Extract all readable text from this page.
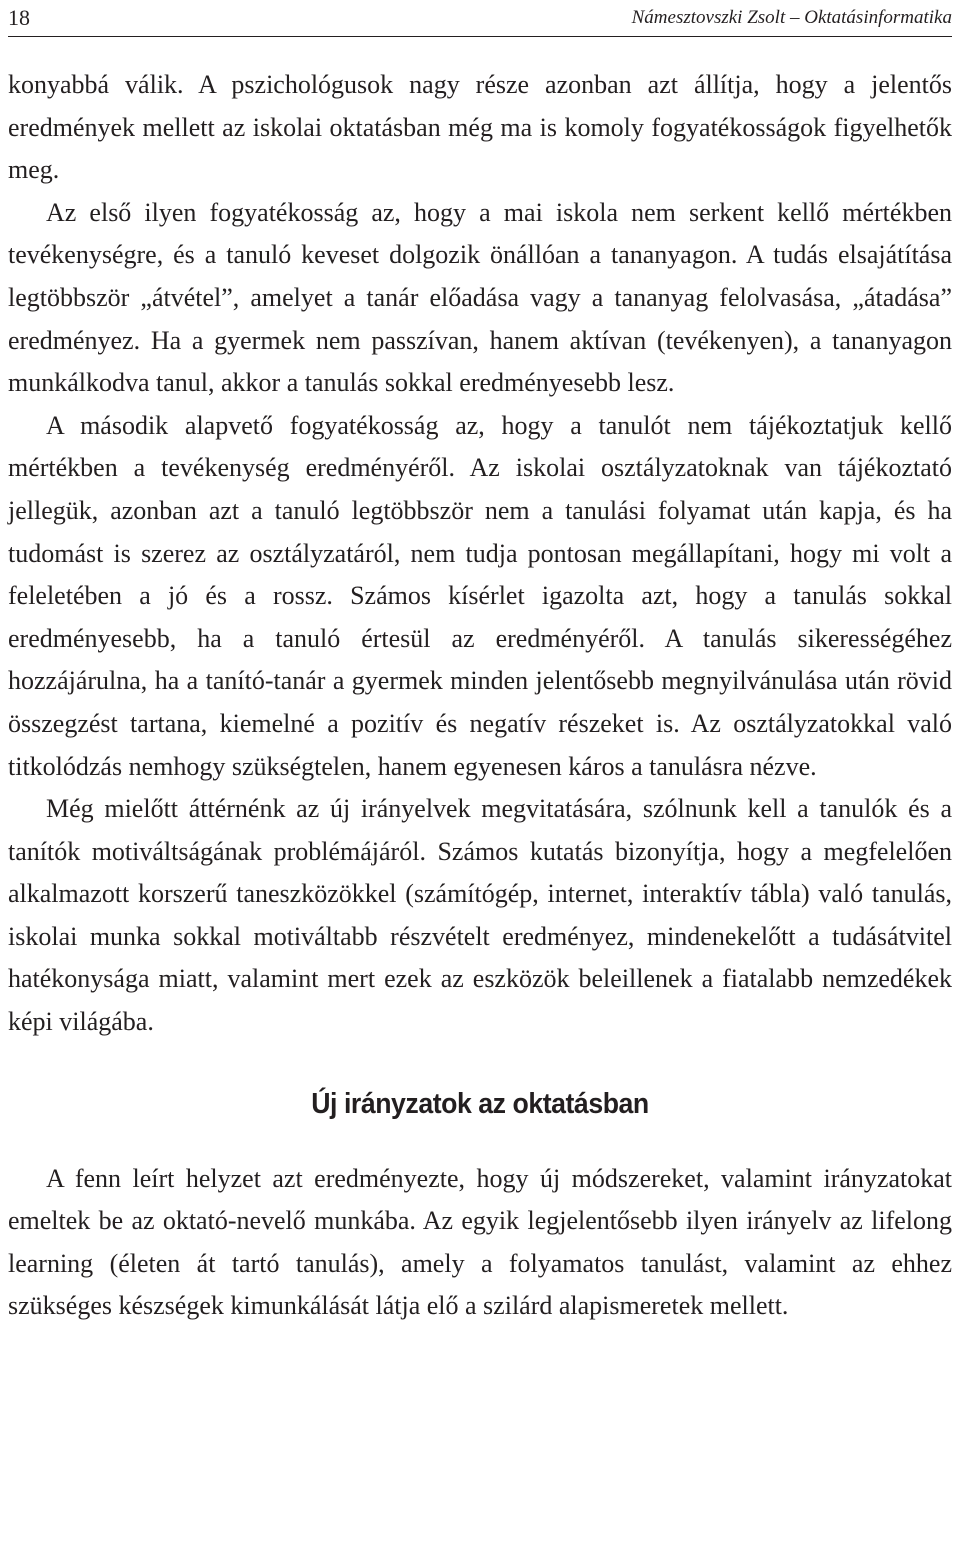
18	Námesztovszki Zsolt – Oktatásinformatika

konyabbá válik. A pszichológusok nagy része azonban azt állítja, hogy a jelentős eredmények mellett az iskolai oktatásban még ma is komoly fogyatékosságok figyelhetők meg.

Az első ilyen fogyatékosság az, hogy a mai iskola nem serkent kellő mértékben tevékenységre, és a tanuló keveset dolgozik önállóan a tananyagon. A tudás elsajátítása legtöbbször „átvétel”, amelyet a tanár előadása vagy a tananyag felolvasása, „átadása” eredményez. Ha a gyermek nem passzívan, hanem aktívan (tevékenyen), a tananyagon munkálkodva tanul, akkor a tanulás sokkal eredményesebb lesz.

A második alapvető fogyatékosság az, hogy a tanulót nem tájékoztatjuk kellő mértékben a tevékenység eredményéről. Az iskolai osztályzatoknak van tájékoztató jellegük, azonban azt a tanuló legtöbbször nem a tanulási folyamat után kapja, és ha tudomást is szerez az osztályzatáról, nem tudja pontosan megállapítani, hogy mi volt a feleletében a jó és a rossz. Számos kísérlet igazolta azt, hogy a tanulás sokkal eredményesebb, ha a tanuló értesül az eredményéről. A tanulás sikerességéhez hozzájárulna, ha a tanító-tanár a gyermek minden jelentősebb megnyilvánulása után rövid összegzést tartana, kiemelné a pozitív és negatív részeket is. Az osztályzatokkal való titkolódzás nemhogy szükségtelen, hanem egyenesen káros a tanulásra nézve.

Még mielőtt áttérnénk az új irányelvek megvitatására, szólnunk kell a tanulók és a tanítók motiváltságának problémájáról. Számos kutatás bizonyítja, hogy a megfelelően alkalmazott korszerű taneszközökkel (számítógép, internet, interaktív tábla) való tanulás, iskolai munka sokkal motiváltabb részvételt eredményez, mindenekelőtt a tudásátvitel hatékonysága miatt, valamint mert ezek az eszközök beleillenek a fiatalabb nemzedékek képi világába.

Új irányzatok az oktatásban

A fenn leírt helyzet azt eredményezte, hogy új módszereket, valamint irányzatokat emeltek be az oktató-nevelő munkába. Az egyik legjelentősebb ilyen irányelv az lifelong learning (életen át tartó tanulás), amely a folyamatos tanulást, valamint az ehhez szükséges készségek kimunkálását látja elő a szilárd alapismeretek mellett.
